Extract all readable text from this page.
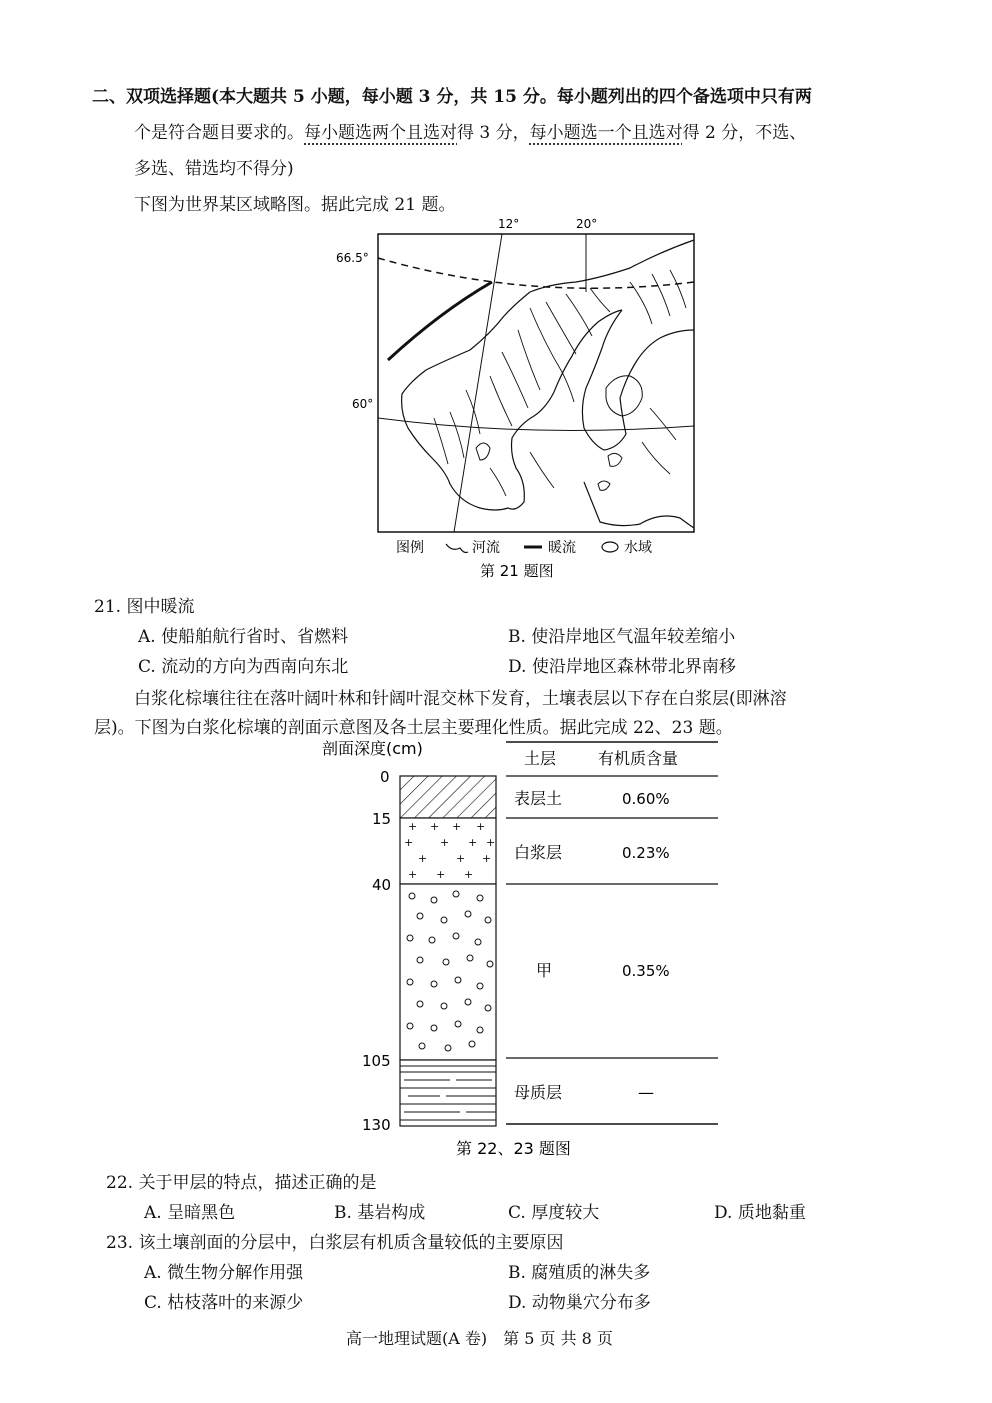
二、双项选择题(本大题共 5 小题，每小题 3 分，共 15 分。每小题列出的四个备选项中只有两
个是符合题目要求的。每小题选两个且选对得 3 分，每小题选一个且选对得 2 分，不选、
多选、错选均不得分)
下图为世界某区域略图。据此完成 21 题。
12°	20°
66.5°
60°
图例	河流	暖流	水域
第 21 题图
21. 图中暖流
A. 使船舶航行省时、省燃料	B. 使沿岸地区气温年较差缩小
C. 流动的方向为西南向东北	D. 使沿岸地区森林带北界南移
白浆化棕壤往往在落叶阔叶林和针阔叶混交林下发育，土壤表层以下存在白浆层(即淋溶
层)。下图为白浆化棕壤的剖面示意图及各土层主要理化性质。据此完成 22、23 题。
剖面深度(cm)
+ + + +
+ + + +
+	+ +
+ + +
0
15
40
105
130
土层	有机质含量
表层土	0.60%
白浆层	0.23%
甲	0.35%
母质层	—
第 22、23 题图
22. 关于甲层的特点，描述正确的是
A. 呈暗黑色	B. 基岩构成	C. 厚度较大	D. 质地黏重
23. 该土壤剖面的分层中，白浆层有机质含量较低的主要原因
A. 微生物分解作用强	B. 腐殖质的淋失多
C. 枯枝落叶的来源少	D. 动物巢穴分布多
高一地理试题(A 卷)　第 5 页 共 8 页
